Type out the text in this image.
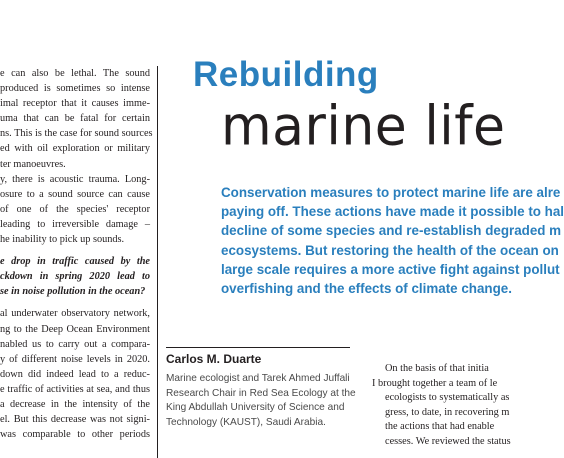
e can also be lethal. The sound
produced is sometimes so intense
imal receptor that it causes imme-
uma that can be fatal for certain
ns. This is the case for sound sources
ed with oil exploration or military
ter manoeuvres.
y, there is acoustic trauma. Long-
osure to a sound source can cause
of one of the species' receptor
leading to irreversible damage –
he inability to pick up sounds.
e drop in traffic caused by the
ckdown in spring 2020 lead to
se in noise pollution in the ocean?
al underwater observatory network,
ng to the Deep Ocean Environment
nabled us to carry out a compara-
y of different noise levels in 2020.
down did indeed lead to a reduc-
e traffic of activities at sea, and thus
a decrease in the intensity of the
el. But this decrease was not signi-
was comparable to other periods
Rebuilding
marine life
Conservation measures to protect marine life are alre
paying off. These actions have made it possible to hal
decline of some species and re-establish degraded m
ecosystems. But restoring the health of the ocean on
large scale requires a more active fight against pollut
overfishing and the effects of climate change.
Carlos M. Duarte
Marine ecologist and Tarek Ahmed Juffali
Research Chair in Red Sea Ecology at the
King Abdullah University of Science and
Technology (KAUST), Saudi Arabia.
On the basis of that initia
I brought together a team of le
ecologists to systematically as
gress, to date, in recovering m
the actions that had enable
cesses. We reviewed the status
